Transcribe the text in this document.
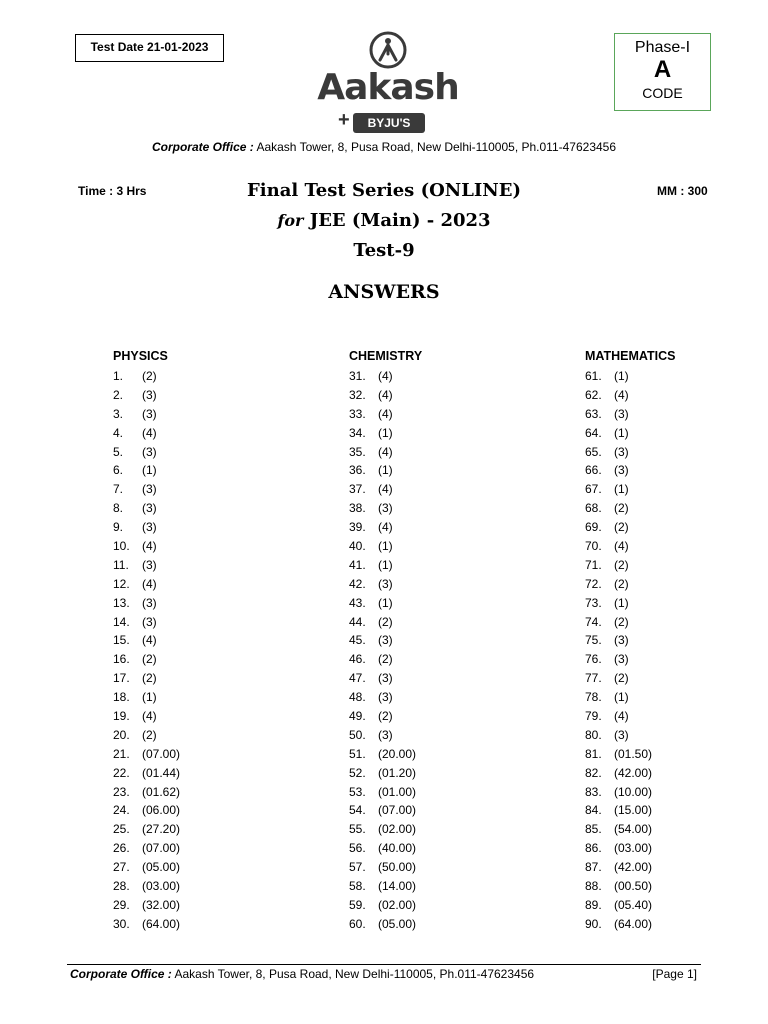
Test Date 21-01-2023
Aakash
+	BYJU'S
Phase-I
A
CODE
Corporate Office : Aakash Tower, 8, Pusa Road, New Delhi-110005, Ph.011-47623456
Time : 3 Hrs	MM : 300
Final Test Series (ONLINE)
for JEE (Main) - 2023
Test-9
ANSWERS
PHYSICS
1. (2)
2. (3)
3. (3)
4. (4)
5. (3)
6. (1)
7. (3)
8. (3)
9. (3)
10. (4)
11. (3)
12. (4)
13. (3)
14. (3)
15. (4)
16. (2)
17. (2)
18. (1)
19. (4)
20. (2)
21. (07.00)
22. (01.44)
23. (01.62)
24. (06.00)
25. (27.20)
26. (07.00)
27. (05.00)
28. (03.00)
29. (32.00)
30. (64.00)
CHEMISTRY
31. (4)
32. (4)
33. (4)
34. (1)
35. (4)
36. (1)
37. (4)
38. (3)
39. (4)
40. (1)
41. (1)
42. (3)
43. (1)
44. (2)
45. (3)
46. (2)
47. (3)
48. (3)
49. (2)
50. (3)
51. (20.00)
52. (01.20)
53. (01.00)
54. (07.00)
55. (02.00)
56. (40.00)
57. (50.00)
58. (14.00)
59. (02.00)
60. (05.00)
MATHEMATICS
61. (1)
62. (4)
63. (3)
64. (1)
65. (3)
66. (3)
67. (1)
68. (2)
69. (2)
70. (4)
71. (2)
72. (2)
73. (1)
74. (2)
75. (3)
76. (3)
77. (2)
78. (1)
79. (4)
80. (3)
81. (01.50)
82. (42.00)
83. (10.00)
84. (15.00)
85. (54.00)
86. (03.00)
87. (42.00)
88. (00.50)
89. (05.40)
90. (64.00)
Corporate Office : Aakash Tower, 8, Pusa Road, New Delhi-110005, Ph.011-47623456	[Page 1]
